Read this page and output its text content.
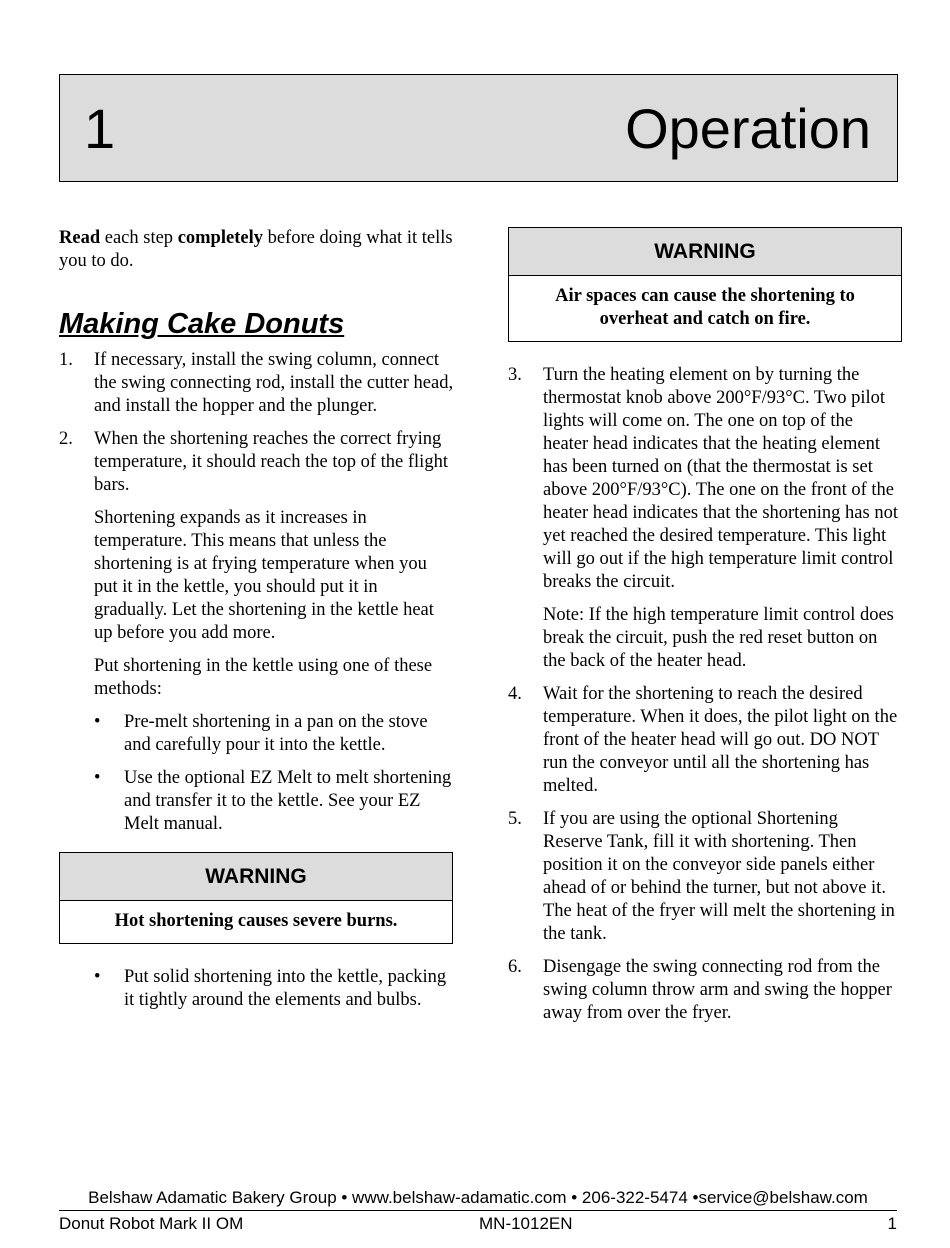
1	Operation

Read each step completely before doing what it tells you to do.

Making Cake Donuts
1. If necessary, install the swing column, connect the swing connecting rod, install the cutter head, and install the hopper and the plunger.

2. When the shortening reaches the correct frying temperature, it should reach the top of the flight bars.

Shortening expands as it increases in temperature. This means that unless the shortening is at frying temperature when you put it in the kettle, you should put it in gradually. Let the shortening in the kettle heat up before you add more.

Put shortening in the kettle using one of these methods:

• Pre-melt shortening in a pan on the stove and carefully pour it into the kettle.
• Use the optional EZ Melt to melt shortening and transfer it to the kettle. See your EZ Melt manual.
WARNING
Hot shortening causes severe burns.
• Put solid shortening into the kettle, packing it tightly around the elements and bulbs.
WARNING
Air spaces can cause the shortening to overheat and catch on fire.
3. Turn the heating element on by turning the thermostat knob above 200°F/93°C. Two pilot lights will come on. The one on top of the heater head indicates that the heating element has been turned on (that the thermostat is set above 200°F/93°C). The one on the front of the heater head indicates that the shortening has not yet reached the desired temperature. This light will go out if the high temperature limit control breaks the circuit.

Note: If the high temperature limit control does break the circuit, push the red reset button on the back of the heater head.

4. Wait for the shortening to reach the desired temperature. When it does, the pilot light on the front of the heater head will go out. DO NOT run the conveyor until all the shortening has melted.

5. If you are using the optional Shortening Reserve Tank, fill it with shortening. Then position it on the conveyor side panels either ahead of or behind the turner, but not above it. The heat of the fryer will melt the shortening in the tank.

6. Disengage the swing connecting rod from the swing column throw arm and swing the hopper away from over the fryer.

Belshaw Adamatic Bakery Group • www.belshaw-adamatic.com • 206-322-5474 •service@belshaw.com
Donut Robot Mark II OM	MN-1012EN	1
